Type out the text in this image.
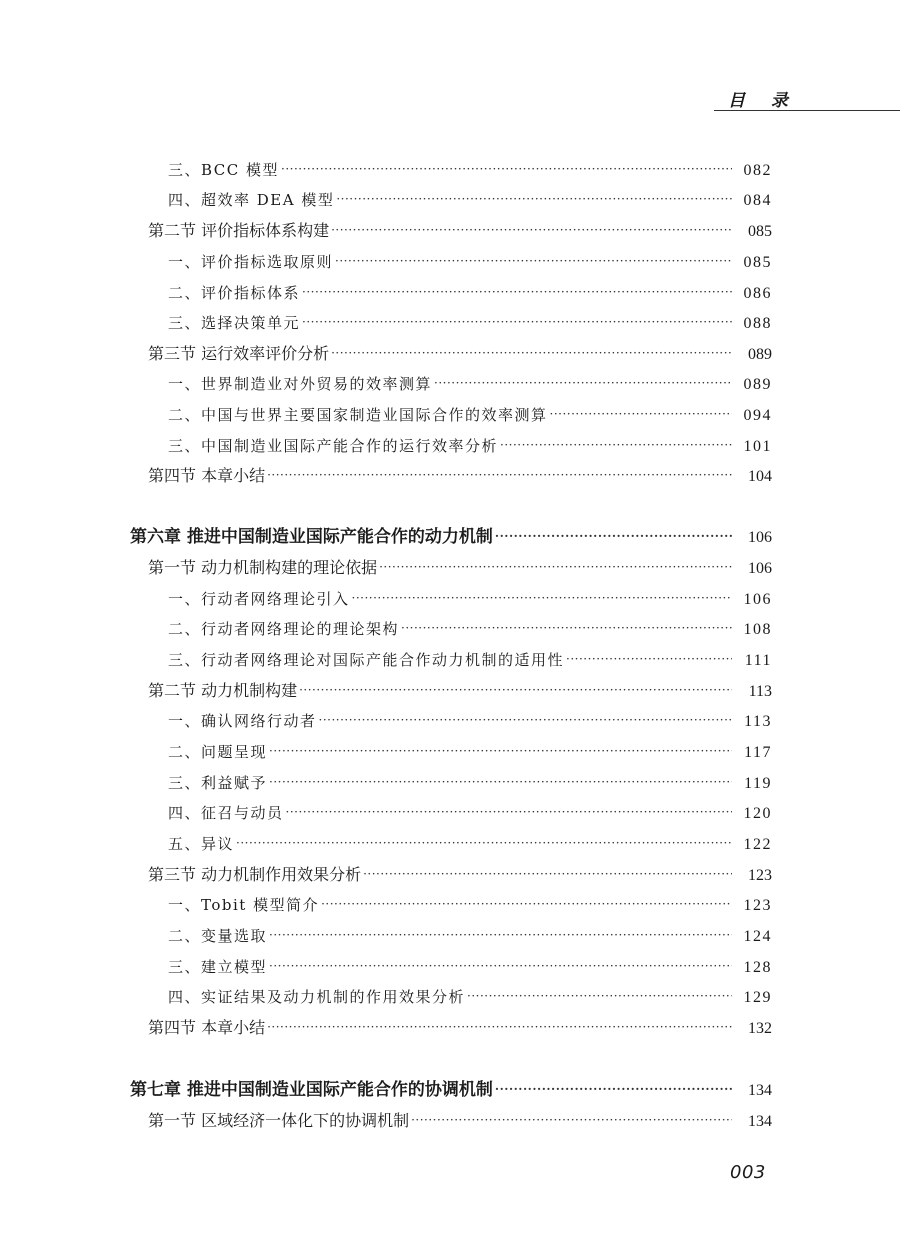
目 录
三、BCC 模型 ·····	082
四、超效率 DEA 模型 ·····	084
第二节 评价指标体系构建 ·····	085
一、评价指标选取原则 ·····	085
二、评价指标体系 ·····	086
三、选择决策单元 ·····	088
第三节 运行效率评价分析 ·····	089
一、世界制造业对外贸易的效率测算 ·····	089
二、中国与世界主要国家制造业国际合作的效率测算 ·····	094
三、中国制造业国际产能合作的运行效率分析 ·····	101
第四节 本章小结 ·····	104
第六章 推进中国制造业国际产能合作的动力机制 ·····	106
第一节 动力机制构建的理论依据 ·····	106
一、行动者网络理论引入 ·····	106
二、行动者网络理论的理论架构 ·····	108
三、行动者网络理论对国际产能合作动力机制的适用性 ·····	111
第二节 动力机制构建 ·····	113
一、确认网络行动者 ·····	113
二、问题呈现 ·····	117
三、利益赋予 ·····	119
四、征召与动员 ·····	120
五、异议 ·····	122
第三节 动力机制作用效果分析 ·····	123
一、Tobit 模型简介 ·····	123
二、变量选取 ·····	124
三、建立模型 ·····	128
四、实证结果及动力机制的作用效果分析 ·····	129
第四节 本章小结 ·····	132
第七章 推进中国制造业国际产能合作的协调机制 ·····	134
第一节 区域经济一体化下的协调机制 ·····	134
003
